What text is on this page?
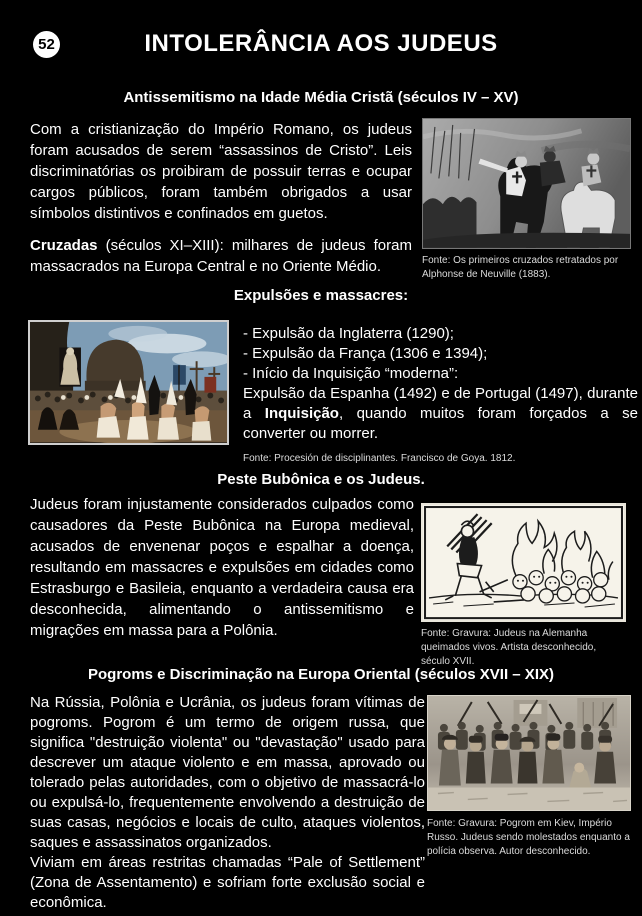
52	INTOLERÂNCIA AOS JUDEUS
Antissemitismo na Idade Média Cristã (séculos IV – XV)

Com a cristianização do Império Romano, os judeus foram acusados de serem “assassinos de Cristo”. Leis discriminatórias os proibiram de possuir terras e ocupar cargos públicos, foram também obrigados a usar símbolos distintivos e confinados em guetos.

Cruzadas (séculos XI–XIII): milhares de judeus foram massacrados na Europa Central e no Oriente Médio.	Fonte: Os primeiros cruzados retratados por Alphonse de Neuville (1883).
Expulsões e massacres:
- Expulsão da Inglaterra (1290);
- Expulsão da França (1306 e 1394);
- Início da Inquisição “moderna”:

Expulsão da Espanha (1492) e de Portugal (1497), durante a Inquisição, quando muitos foram forçados a se converter ou morrer.

Fonte: Procesión de disciplinantes. Francisco de Goya. 1812.
Peste Bubônica e os Judeus.

Judeus foram injustamente considerados culpados como causadores da Peste Bubônica na Europa medieval, acusados de envenenar poços e espalhar a doença, resultando em massacres e expulsões em cidades como Estrasburgo e Basileia, enquanto a verdadeira causa era desconhecida, alimentando o antissemitismo e migrações em massa para a Polônia.	Fonte: Gravura: Judeus na Alemanha queimados vivos. Artista desconhecido, século XVII.
Pogroms e Discriminação na Europa Oriental (séculos XVII – XIX)

Na Rússia, Polônia e Ucrânia, os judeus foram vítimas de pogroms. Pogrom é um termo de origem russa, que significa "destruição violenta" ou "devastação" usado para descrever um ataque violento e em massa, aprovado ou tolerado pelas autoridades, com o objetivo de massacrá-lo ou expulsá-lo, frequentemente envolvendo a destruição de suas casas, negócios e locais de culto, ataques violentos, saques e assassinatos organizados.

Viviam em áreas restritas chamadas “Pale of Settlement” (Zona de Assentamento) e sofriam forte exclusão social e econômica.

Fonte: Gravura: Pogrom em Kiev, Império Russo. Judeus sendo molestados enquanto a polícia observa. Autor desconhecido.
